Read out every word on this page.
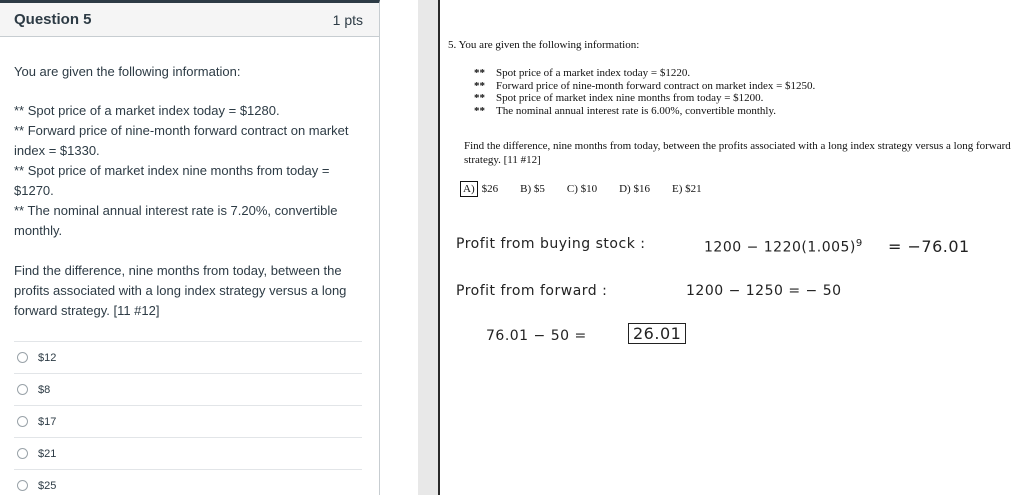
Question 5	1 pts
You are given the following information:
** Spot price of a market index today = $1280.
** Forward price of nine-month forward contract on market index = $1330.
** Spot price of market index nine months from today = $1270.
** The nominal annual interest rate is 7.20%, convertible monthly.
Find the difference, nine months from today, between the profits associated with a long index strategy versus a long forward strategy. [11 #12]
$12
$8
$17
$21
$25
5. You are given the following information:
** Spot price of a market index today = $1220.
** Forward price of nine-month forward contract on market index = $1250.
** Spot price of market index nine months from today = $1200.
** The nominal annual interest rate is 6.00%, convertible monthly.
Find the difference, nine months from today, between the profits associated with a long index strategy versus a long forward strategy. [11 #12]
A) $26 B) $5 C) $10 D) $16 E) $21
Profit from buying stock :	$1200 - 1220(1.005)^9 = -76.01$
Profit from forward :	1200 − 1250 = − 50
76.01 − 50 =	26.01
